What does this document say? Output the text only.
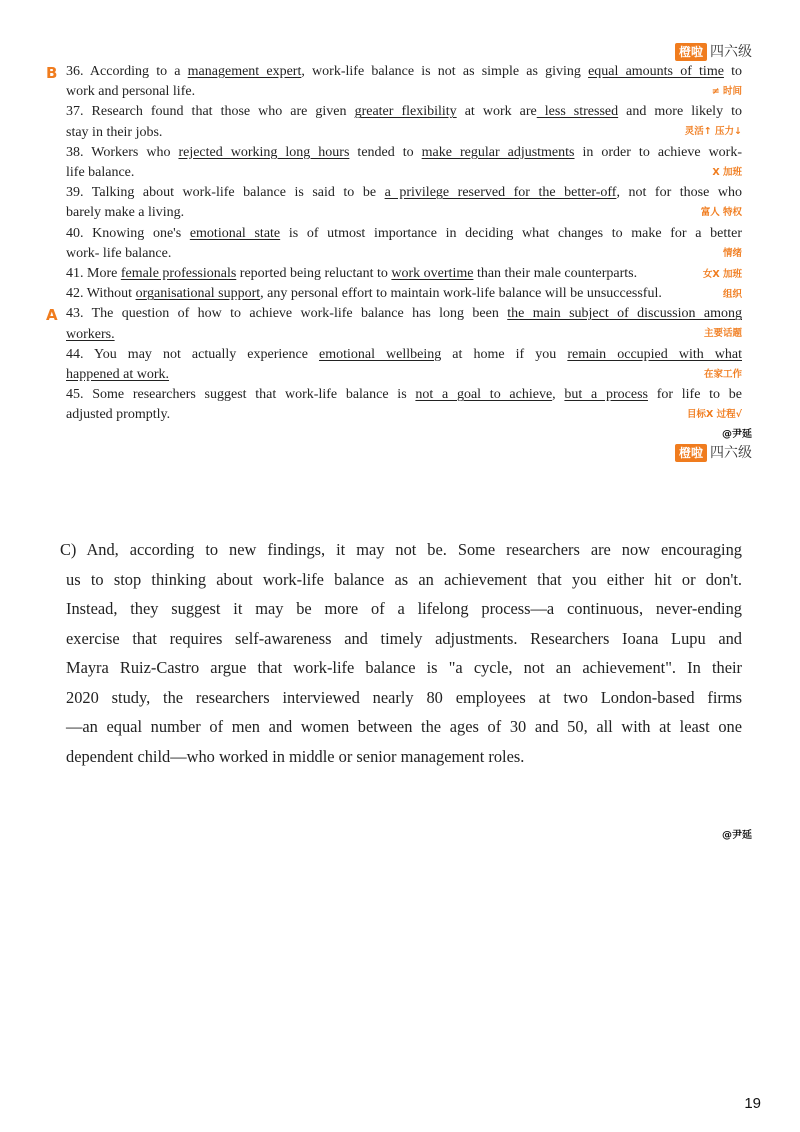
橙啦 四六级
B 36. According to a management expert, work-life balance is not as simple as giving equal amounts of time to
work and personal life.	≠ 时间
37. Research found that those who are given greater flexibility at work are less stressed and more likely to
stay in their jobs.	灵活↑ 压力↓
38. Workers who rejected working long hours tended to make regular adjustments in order to achieve work-
life balance.	X 加班
39. Talking about work-life balance is said to be a privilege reserved for the better-off, not for those who
barely make a living.	富人 特权
40. Knowing one's emotional state is of utmost importance in deciding what changes to make for a better
work- life balance.	情绪
41. More female professionals reported being reluctant to work overtime than their male counterparts.	女X 加班
42. Without organisational support, any personal effort to maintain work-life balance will be unsuccessful.	组织
A 43. The question of how to achieve work-life balance has long been the main subject of discussion among
workers.	主要话题
44. You may not actually experience emotional wellbeing at home if you remain occupied with what
happened at work.	在家工作
45. Some researchers suggest that work-life balance is not a goal to achieve, but a process for life to be
adjusted promptly.	目标X 过程√
@尹延
橙啦 四六级
C) And, according to new findings, it may not be. Some researchers are now encouraging
us to stop thinking about work-life balance as an achievement that you either hit or don't.
Instead, they suggest it may be more of a lifelong process—a continuous, never-ending
exercise that requires self-awareness and timely adjustments. Researchers Ioana Lupu and
Mayra Ruiz-Castro argue that work-life balance is "a cycle, not an achievement". In their
2020 study, the researchers interviewed nearly 80 employees at two London-based firms
—an equal number of men and women between the ages of 30 and 50, all with at least one
dependent child—who worked in middle or senior management roles.
@尹延
19
